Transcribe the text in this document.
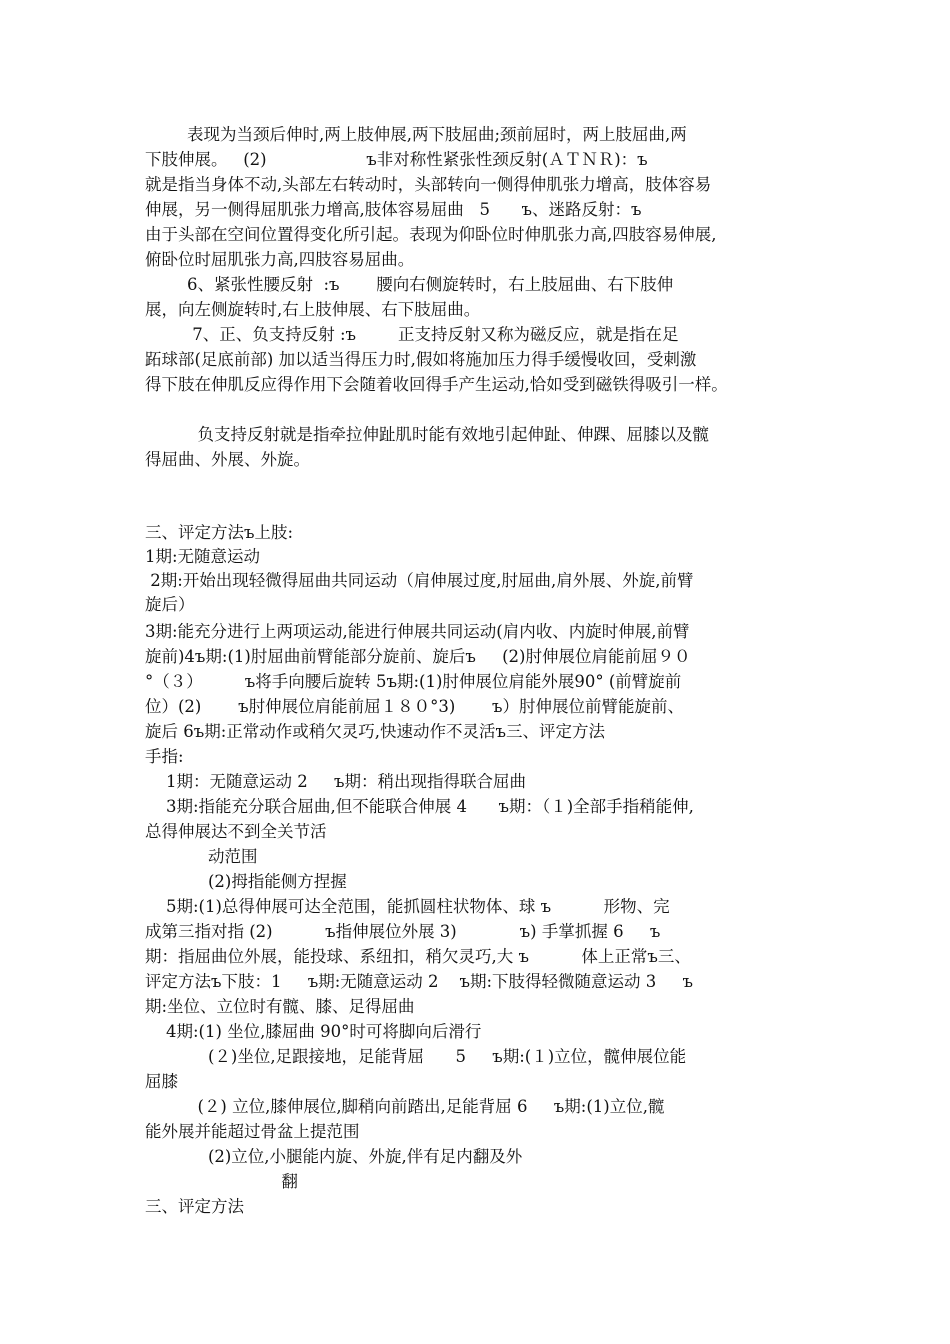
表现为当颈后伸时,两上肢伸展,两下肢屈曲;颈前屈时，两上肢屈曲,两
下肢伸展。   (2)                   ъ非对称性紧张性颈反射(ＡＴＮＲ)：ъ
就是指当身体不动,头部左右转动时，头部转向一侧得伸肌张力增高，肢体容易
伸展，另一侧得屈肌张力增高,肢体容易屈曲   5      ъ、迷路反射：ъ
由于头部在空间位置得变化所引起。表现为仰卧位时伸肌张力高,四肢容易伸展,
俯卧位时屈肌张力高,四肢容易屈曲。
6、紧张性腰反射  :ъ       腰向右侧旋转时，右上肢屈曲、右下肢伸
展，向左侧旋转时,右上肢伸展、右下肢屈曲。
7、正、负支持反射 :ъ        正支持反射又称为磁反应，就是指在足
跖球部(足底前部) 加以适当得压力时,假如将施加压力得手缓慢收回，受刺激
得下肢在伸肌反应得作用下会随着收回得手产生运动,恰如受到磁铁得吸引一样。
负支持反射就是指牵拉伸趾肌时能有效地引起伸趾、伸踝、屈膝以及髋
得屈曲、外展、外旋。
三、评定方法ъ上肢:
1期:无随意运动
2期:开始出现轻微得屈曲共同运动（肩伸展过度,肘屈曲,肩外展、外旋,前臂
旋后）
3期:能充分进行上两项运动,能进行伸展共同运动(肩内收、内旋时伸展,前臂
旋前)4ъ期:(1)肘屈曲前臂能部分旋前、旋后ъ     (2)肘伸展位肩能前屈９０
°（３）        ъ将手向腰后旋转 5ъ期:(1)肘伸展位肩能外展90° (前臂旋前
位）(2)       ъ肘伸展位肩能前屈１８０°3)       ъ）肘伸展位前臂能旋前、
旋后 6ъ期:正常动作或稍欠灵巧,快速动作不灵活ъ三、评定方法
手指:
1期：无随意运动 2     ъ期：稍出现指得联合屈曲
3期:指能充分联合屈曲,但不能联合伸展 4      ъ期：（１)全部手指稍能伸,
总得伸展达不到全关节活
动范围
(2)拇指能侧方捏握
5期:(1)总得伸展可达全范围，能抓圆柱状物体、球 ъ          形物、完
成第三指对指 (2)          ъ指伸展位外展 3)            ъ) 手掌抓握 6     ъ
期：指屈曲位外展，能投球、系纽扣，稍欠灵巧,大 ъ          体上正常ъ三、
评定方法ъ下肢：1     ъ期:无随意运动 2    ъ期:下肢得轻微随意运动 3     ъ
期:坐位、立位时有髋、膝、足得屈曲
4期:(1) 坐位,膝屈曲 90°时可将脚向后滑行
(２)坐位,足跟接地，足能背屈      5     ъ期:(１)立位，髋伸展位能
屈膝
(２) 立位,膝伸展位,脚稍向前踏出,足能背屈 6     ъ期:(1)立位,髋
能外展并能超过骨盆上提范围
(2)立位,小腿能内旋、外旋,伴有足内翻及外
翻
三、评定方法
